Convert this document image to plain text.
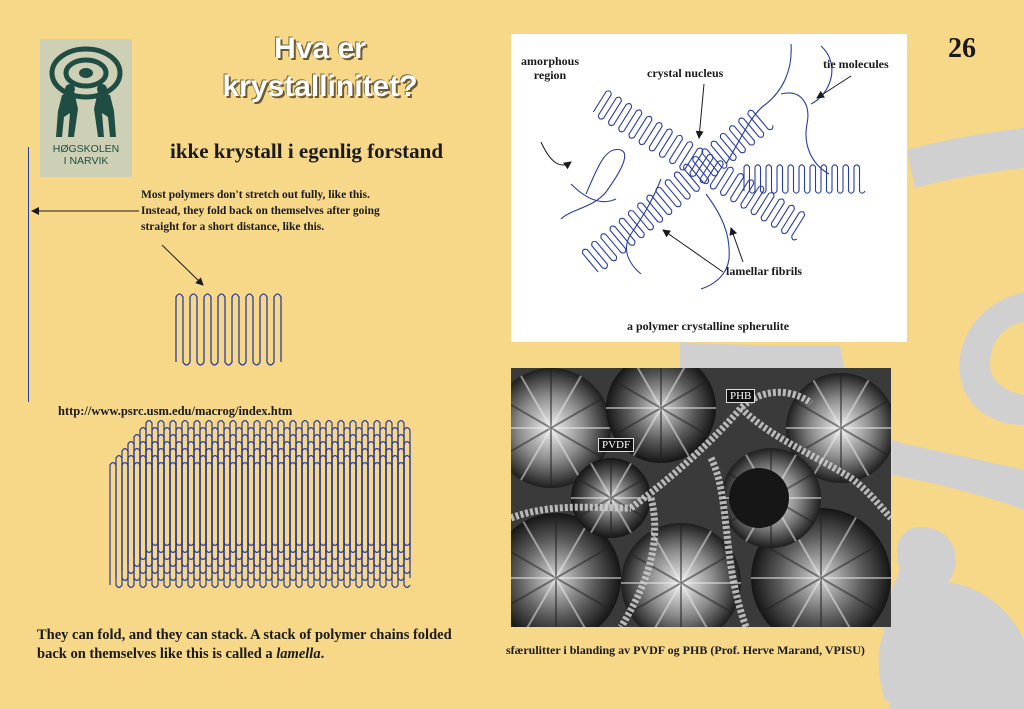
HØGSKOLEN
I NARVIK
Hva er
krystallinitet?
ikke krystall i egenlig forstand
26
Most polymers don't stretch out fully, like this. Instead, they fold back on themselves after going straight for a short distance, like this.
http://www.psrc.usm.edu/macrog/index.htm
They can fold, and they can stack. A stack of polymer chains folded back on themselves like this is called a lamella.
amorphous
region	crystal nucleus
tie molecules
lamellar fibrils
a polymer crystalline spherulite
PHB
PVDF
sfærulitter i blanding av PVDF og PHB (Prof. Herve Marand, VPISU)
